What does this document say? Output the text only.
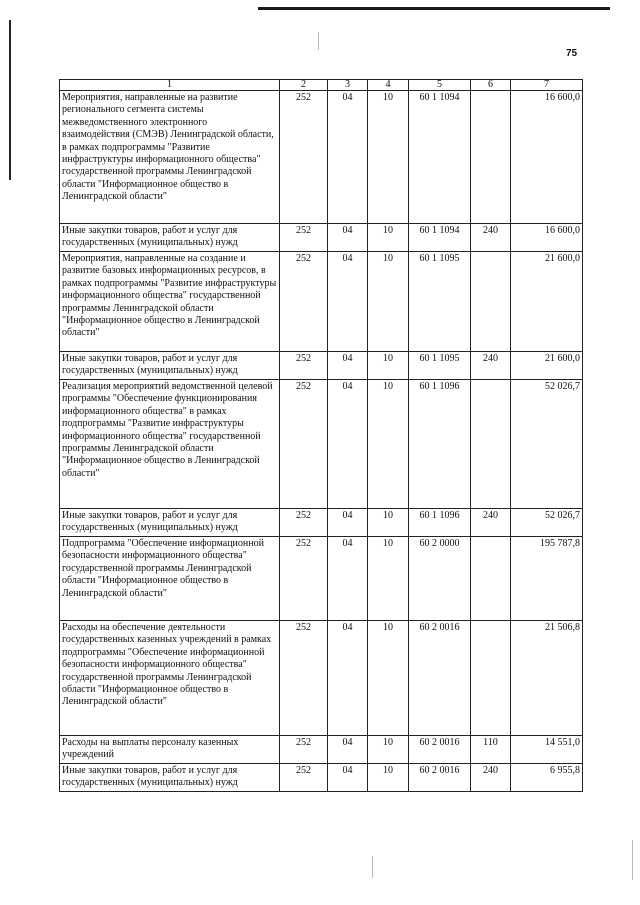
75
1	2	3	4	5	6	7
Мероприятия, направленные на развитие регионального сегмента системы межведомственного электронного взаимодействия (СМЭВ) Ленинградской области, в рамках подпрограммы "Развитие инфраструктуры информационного общества" государственной программы Ленинградской области "Информационное общество в Ленинградской области"	252	04	10	60 1 1094		16 600,0
Иные закупки товаров, работ и услуг для государственных (муниципальных) нужд	252	04	10	60 1 1094	240	16 600,0
Мероприятия, направленные на создание и развитие базовых информационных ресурсов, в рамках подпрограммы "Развитие инфраструктуры информационного общества" государственной программы Ленинградской области "Информационное общество в Ленинградской области"	252	04	10	60 1 1095		21 600,0
Иные закупки товаров, работ и услуг для государственных (муниципальных) нужд	252	04	10	60 1 1095	240	21 600,0
Реализация мероприятий ведомственной целевой программы "Обеспечение функционирования информационного общества" в рамках подпрограммы "Развитие инфраструктуры информационного общества" государственной программы Ленинградской области "Информационное общество в Ленинградской области"	252	04	10	60 1 1096		52 026,7
Иные закупки товаров, работ и услуг для государственных (муниципальных) нужд	252	04	10	60 1 1096	240	52 026,7
Подпрограмма "Обеспечение информационной безопасности информационного общества" государственной программы Ленинградской области "Информационное общество в Ленинградской области"	252	04	10	60 2 0000		195 787,8
Расходы на обеспечение деятельности государственных казенных учреждений в рамках подпрограммы "Обеспечение информационной безопасности информационного общества" государственной программы Ленинградской области "Информационное общество в Ленинградской области"	252	04	10	60 2 0016		21 506,8
Расходы на выплаты персоналу казенных учреждений	252	04	10	60 2 0016	110	14 551,0
Иные закупки товаров, работ и услуг для государственных (муниципальных) нужд	252	04	10	60 2 0016	240	6 955,8
